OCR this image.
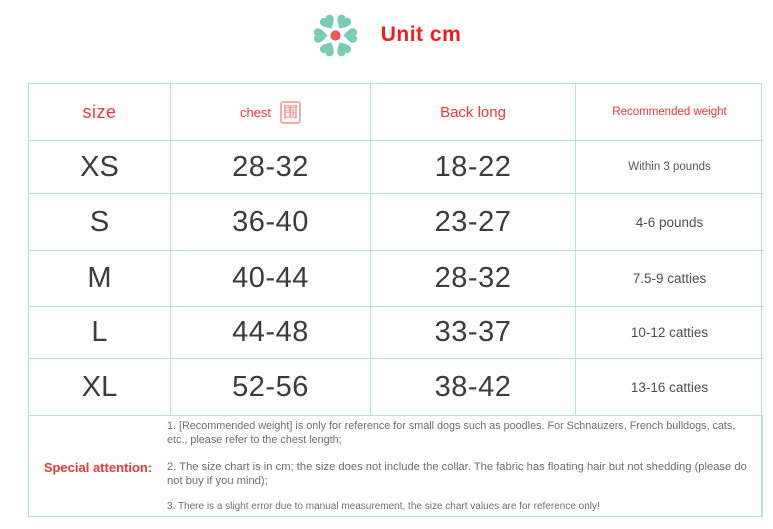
Unit cm
size	chest 围	Back long	Recommended weight
XS	28-32	18-22	Within 3 pounds
S	36-40	23-27	4-6 pounds
M	40-44	28-32	7.5-9 catties
L	44-48	33-37	10-12 catties
XL	52-56	38-42	13-16 catties
Special attention:
1. [Recommended weight] is only for reference for small dogs such as poodles. For Schnauzers, French bulldogs, cats, etc., please refer to the chest length;
2. The size chart is in cm; the size does not include the collar. The fabric has floating hair but not shedding (please do not buy if you mind);
3. There is a slight error due to manual measurement, the size chart values are for reference only!
